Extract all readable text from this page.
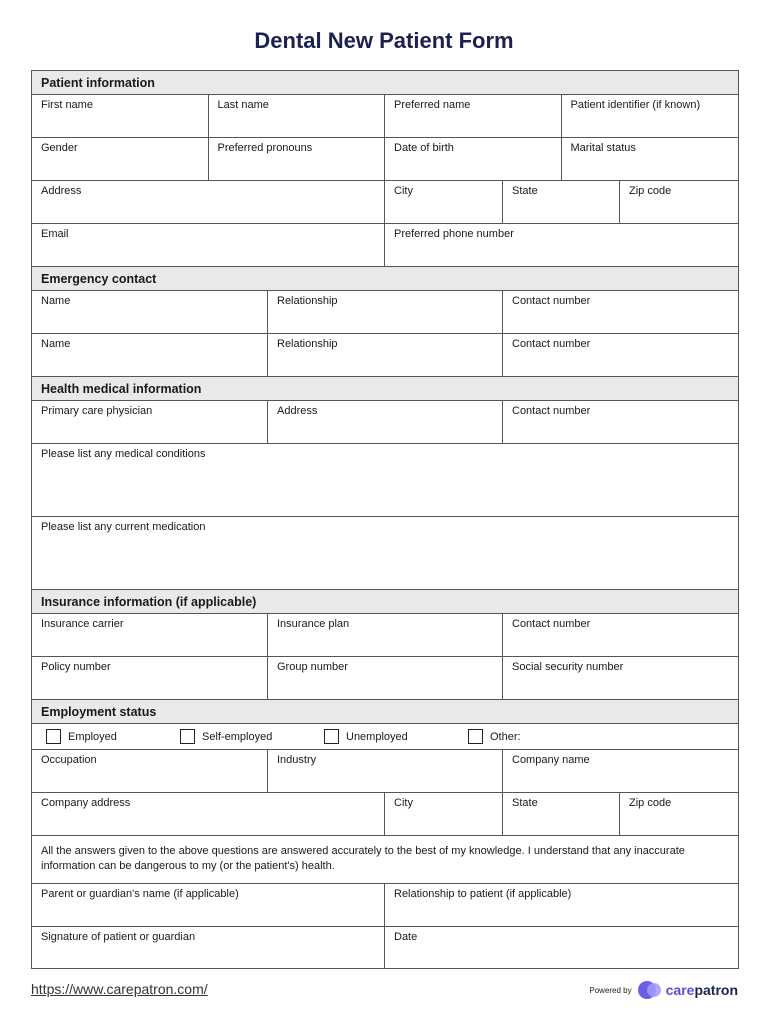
Dental New Patient Form
Patient information
First name	Last name	Preferred name	Patient identifier (if known)
Gender	Preferred pronouns	Date of birth	Marital status
Address	City	State	Zip code
Email	Preferred phone number
Emergency contact
Name	Relationship	Contact number
Name	Relationship	Contact number
Health medical information
Primary care physician	Address	Contact number
Please list any medical conditions
Please list any current medication
Insurance information (if applicable)
Insurance carrier	Insurance plan	Contact number
Policy number	Group number	Social security number
Employment status
Employed	Self-employed	Unemployed	Other:
Occupation	Industry	Company name
Company address	City	State	Zip code
All the answers given to the above questions are answered accurately to the best of my knowledge. I understand that any inaccurate information can be dangerous to my (or the patient's) health.
Parent or guardian's name (if applicable)	Relationship to patient (if applicable)
Signature of patient or guardian	Date
https://www.carepatron.com/	Powered by carepatron
